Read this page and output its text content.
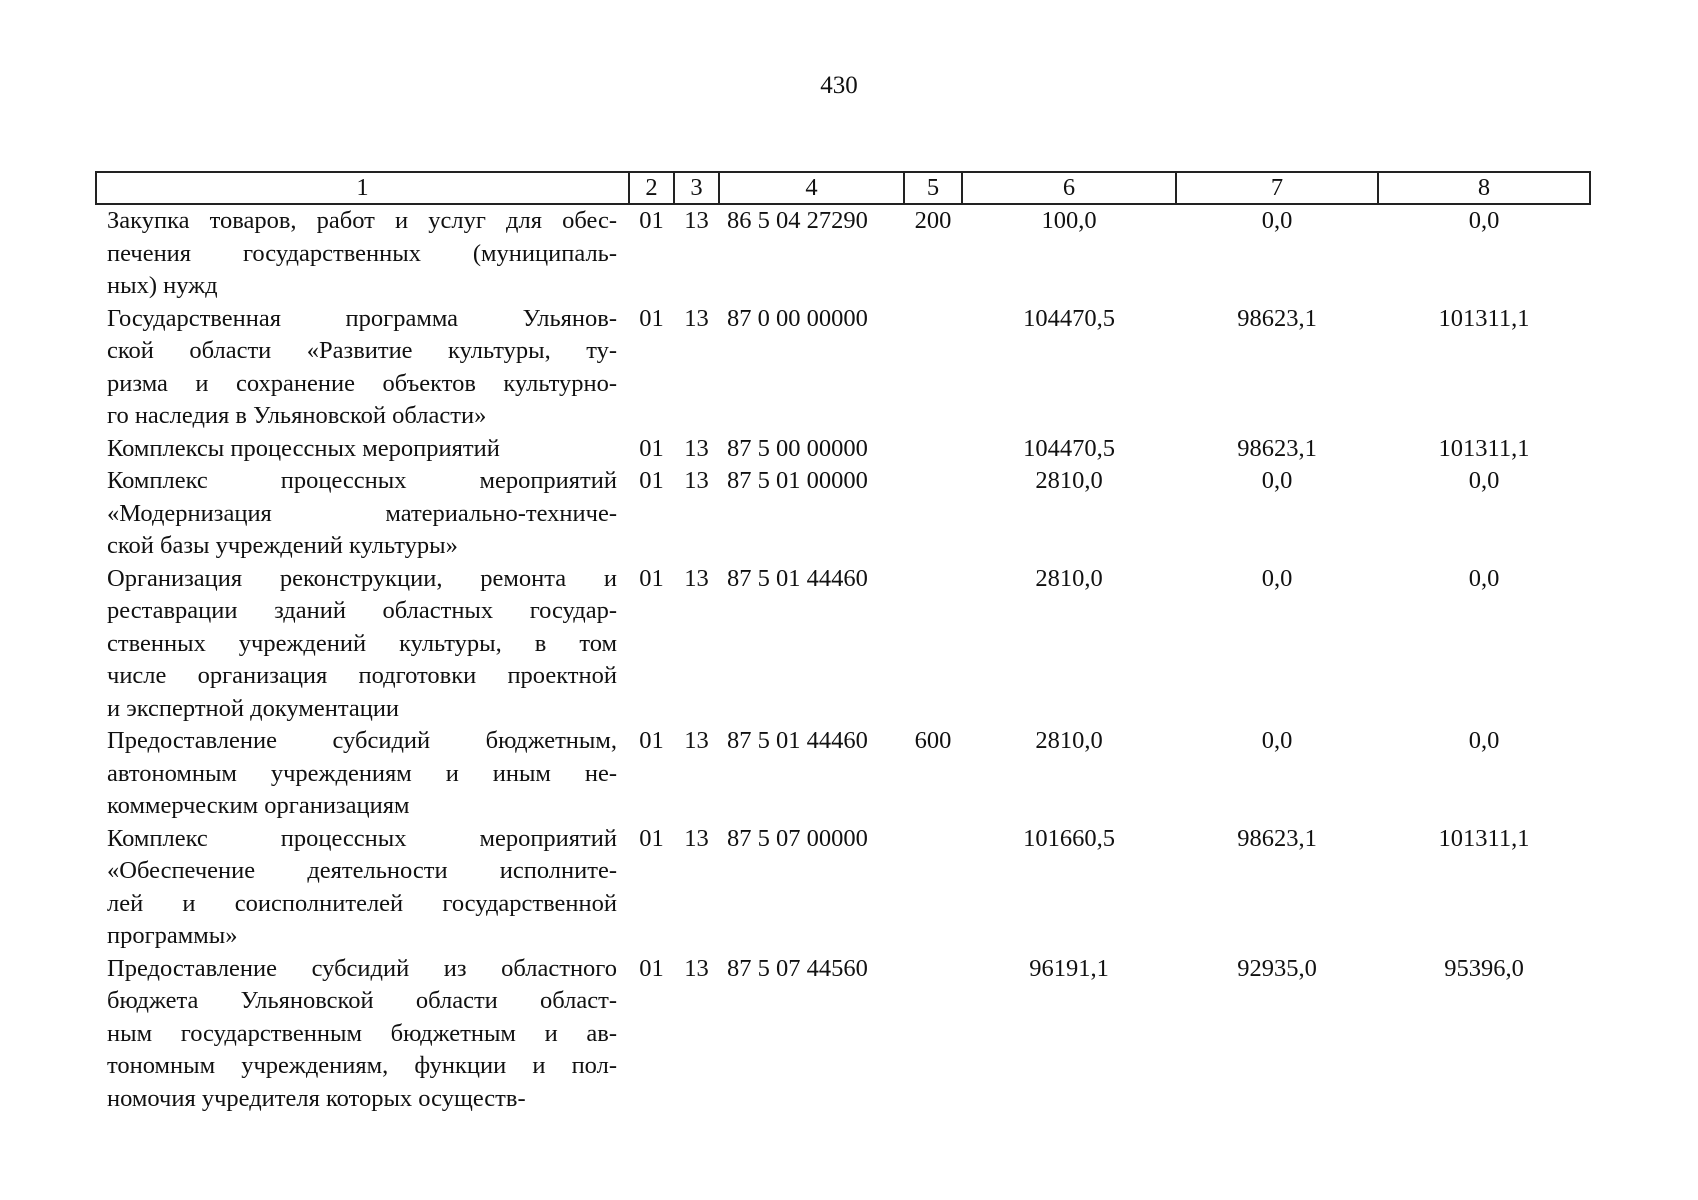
430
1	2	3	4	5	6	7	8

Закупка товаров, работ и услуг для обес-
печения государственных (муниципаль-
ных) нужд	01	13	86 5 04 27290	200	100,0	0,0	0,0

Государственная программа Ульянов-
ской области «Развитие культуры, ту-
ризма и сохранение объектов культурно-
го наследия в Ульяновской области»	01	13	87 0 00 00000		104470,5	98623,1	101311,1

Комплексы процессных мероприятий	01	13	87 5 00 00000		104470,5	98623,1	101311,1

Комплекс процессных мероприятий
«Модернизация материально-техниче-
ской базы учреждений культуры»	01	13	87 5 01 00000		2810,0	0,0	0,0

Организация реконструкции, ремонта и
реставрации зданий областных государ-
ственных учреждений культуры, в том
числе организация подготовки проектной
и экспертной документации	01	13	87 5 01 44460		2810,0	0,0	0,0

Предоставление субсидий бюджетным,
автономным учреждениям и иным не-
коммерческим организациям	01	13	87 5 01 44460	600	2810,0	0,0	0,0

Комплекс процессных мероприятий
«Обеспечение деятельности исполните-
лей и соисполнителей государственной
программы»	01	13	87 5 07 00000		101660,5	98623,1	101311,1

Предоставление субсидий из областного
бюджета Ульяновской области област-
ным государственным бюджетным и ав-
тономным учреждениям, функции и пол-
номочия учредителя которых осуществ-	01	13	87 5 07 44560		96191,1	92935,0	95396,0
